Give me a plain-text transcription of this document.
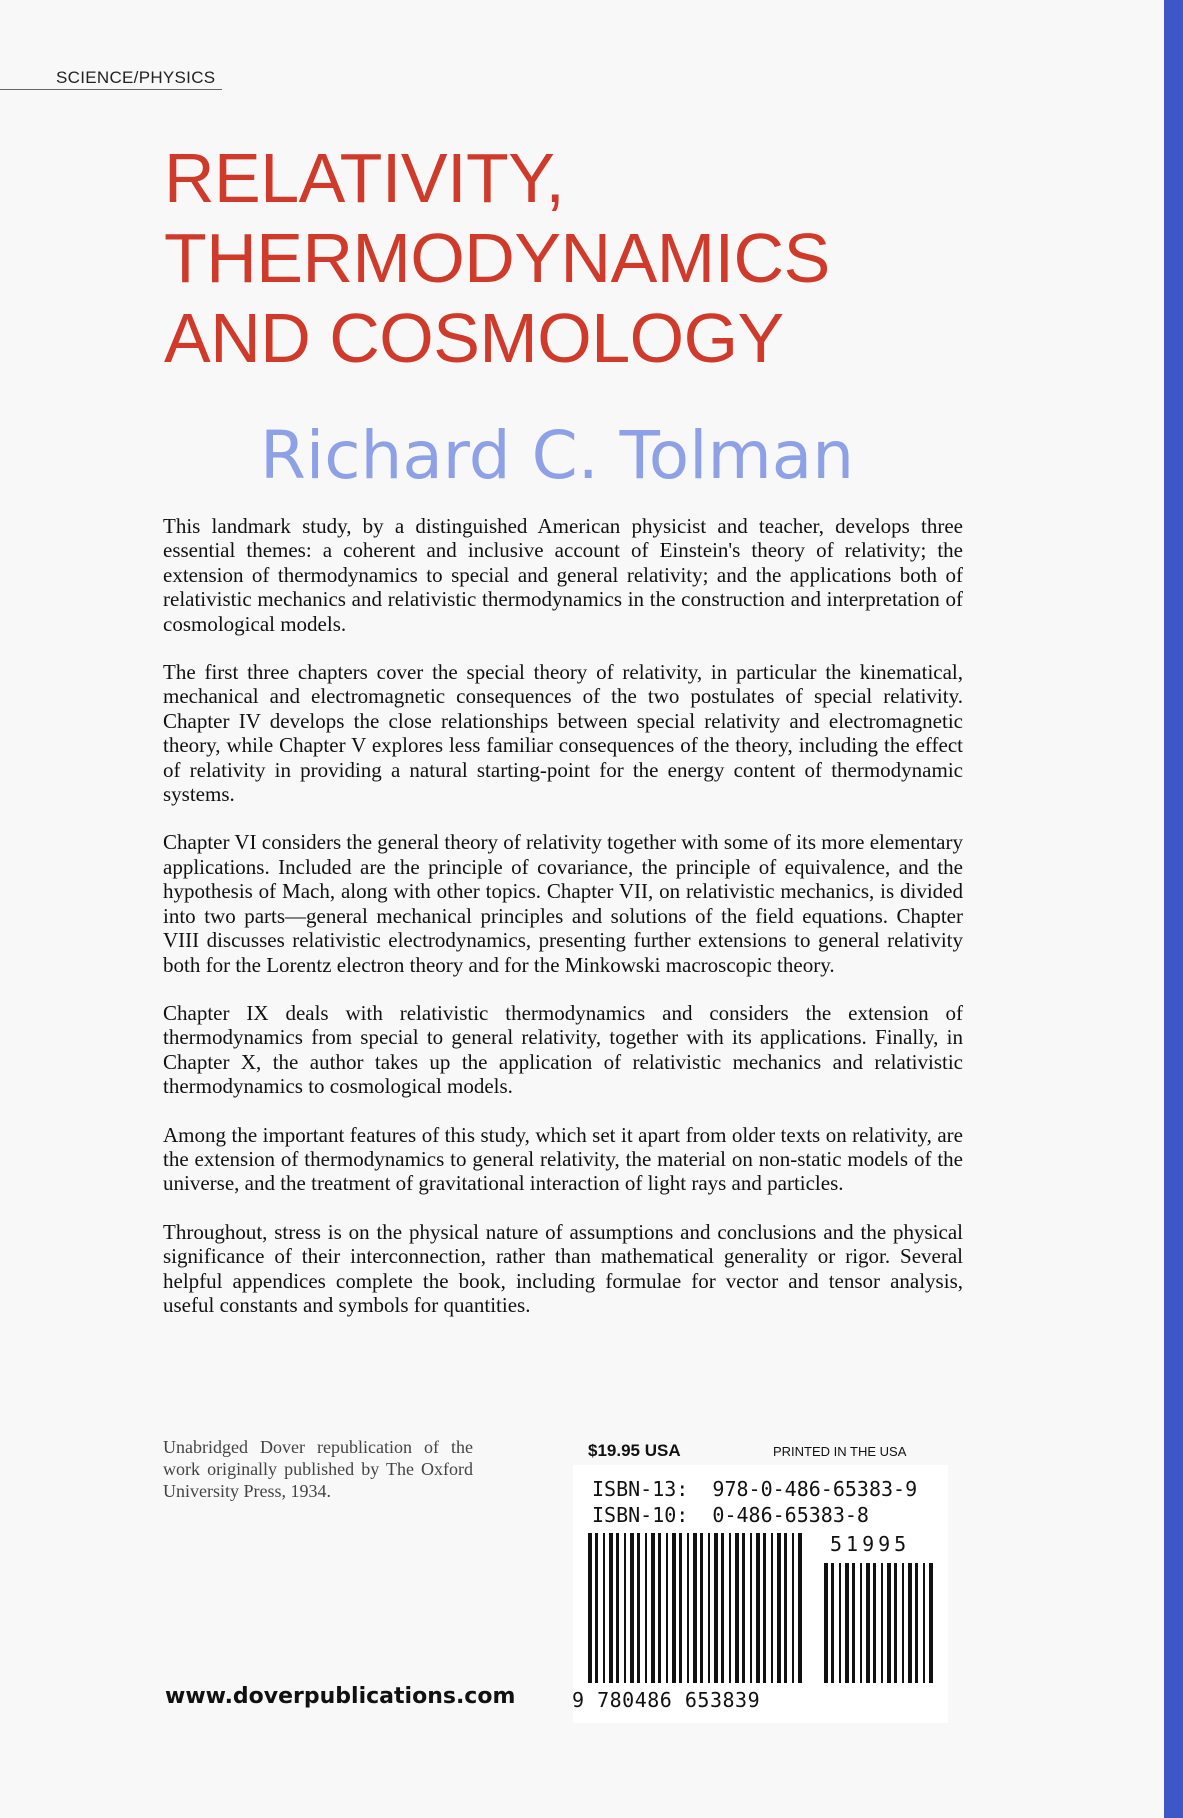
SCIENCE/PHYSICS
RELATIVITY,
THERMODYNAMICS
AND COSMOLOGY
Richard C. Tolman

This landmark study, by a distinguished American physicist and teacher, develops three essential themes: a coherent and inclusive account of Einstein's theory of relativity; the extension of thermodynamics to special and general relativity; and the applications both of relativistic mechanics and relativistic thermodynamics in the construction and interpretation of cosmological models.

The first three chapters cover the special theory of relativity, in particular the kinematical, mechanical and electromagnetic consequences of the two postulates of special relativity. Chapter IV develops the close relationships between special relativity and electromagnetic theory, while Chapter V explores less familiar consequences of the theory, including the effect of relativity in providing a natural starting-point for the energy content of thermodynamic systems.

Chapter VI considers the general theory of relativity together with some of its more elementary applications. Included are the principle of covariance, the principle of equivalence, and the hypothesis of Mach, along with other topics. Chapter VII, on relativistic mechanics, is divided into two parts—general mechanical principles and solutions of the field equations. Chapter VIII discusses relativistic electrodynamics, presenting further extensions to general relativity both for the Lorentz electron theory and for the Minkowski macroscopic theory.

Chapter IX deals with relativistic thermodynamics and considers the extension of thermodynamics from special to general relativity, together with its applications. Finally, in Chapter X, the author takes up the application of relativistic mechanics and relativistic thermodynamics to cosmological models.

Among the important features of this study, which set it apart from older texts on relativity, are the extension of thermodynamics to general relativity, the material on non-static models of the universe, and the treatment of gravitational interaction of light rays and particles.

Throughout, stress is on the physical nature of assumptions and conclusions and the physical significance of their interconnection, rather than mathematical generality or rigor. Several helpful appendices complete the book, including formulae for vector and tensor analysis, useful constants and symbols for quantities.

Unabridged Dover republication of the work originally published by The Oxford University Press, 1934.
$19.95 USA	PRINTED IN THE USA
ISBN-13:  978-0-486-65383-9
ISBN-10:  0-486-65383-8
51995
9 780486 653839
www.doverpublications.com
